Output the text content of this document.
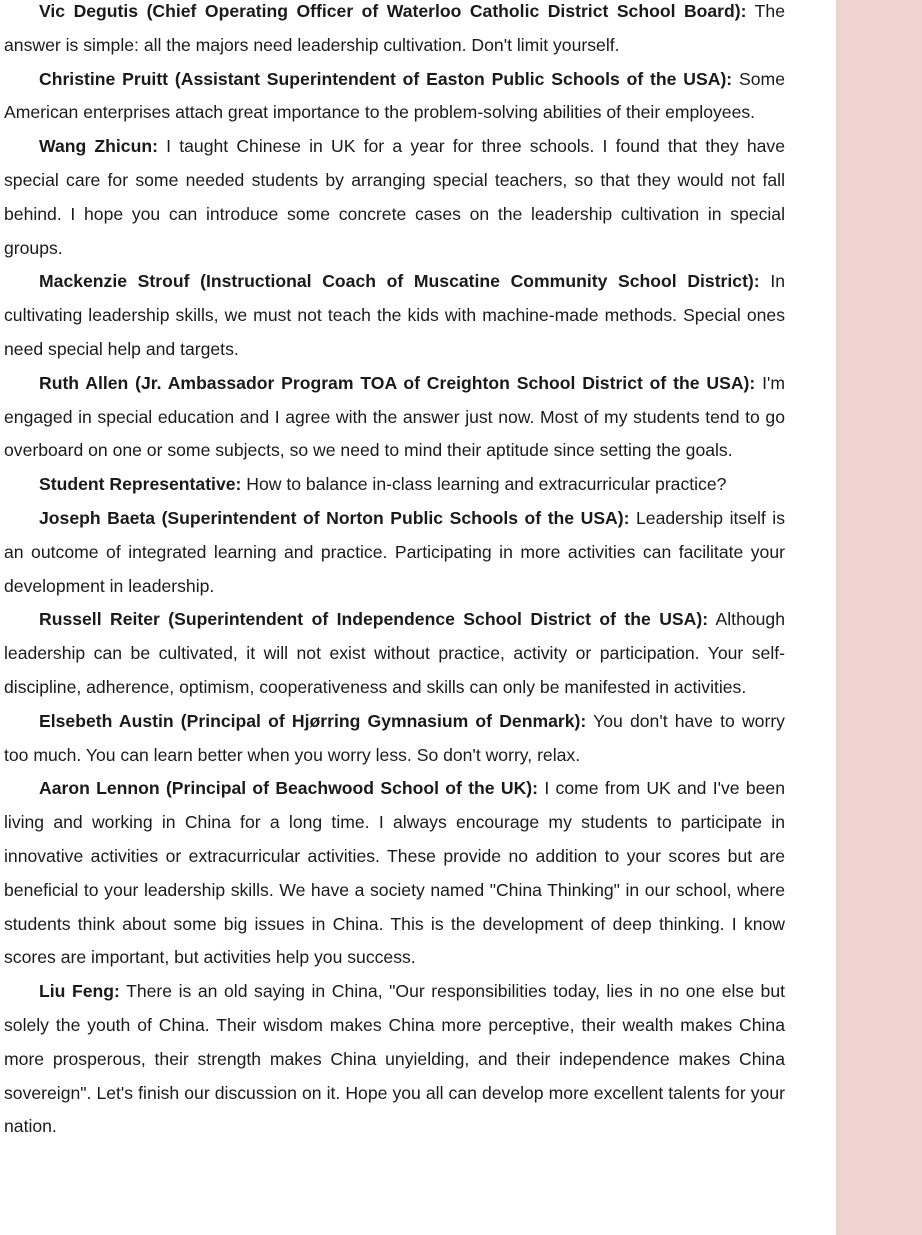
Vic Degutis (Chief Operating Officer of Waterloo Catholic District School Board): The answer is simple: all the majors need leadership cultivation. Don't limit yourself.

Christine Pruitt (Assistant Superintendent of Easton Public Schools of the USA): Some American enterprises attach great importance to the problem-solving abilities of their employees.

Wang Zhicun: I taught Chinese in UK for a year for three schools. I found that they have special care for some needed students by arranging special teachers, so that they would not fall behind. I hope you can introduce some concrete cases on the leadership cultivation in special groups.

Mackenzie Strouf (Instructional Coach of Muscatine Community School District): In cultivating leadership skills, we must not teach the kids with machine-made methods. Special ones need special help and targets.

Ruth Allen (Jr. Ambassador Program TOA of Creighton School District of the USA): I'm engaged in special education and I agree with the answer just now. Most of my students tend to go overboard on one or some subjects, so we need to mind their aptitude since setting the goals.

Student Representative: How to balance in-class learning and extracurricular practice?

Joseph Baeta (Superintendent of Norton Public Schools of the USA): Leadership itself is an outcome of integrated learning and practice. Participating in more activities can facilitate your development in leadership.

Russell Reiter (Superintendent of Independence School District of the USA): Although leadership can be cultivated, it will not exist without practice, activity or participation. Your self-discipline, adherence, optimism, cooperativeness and skills can only be manifested in activities.

Elsebeth Austin (Principal of Hjørring Gymnasium of Denmark): You don't have to worry too much. You can learn better when you worry less. So don't worry, relax.

Aaron Lennon (Principal of Beachwood School of the UK): I come from UK and I've been living and working in China for a long time. I always encourage my students to participate in innovative activities or extracurricular activities. These provide no addition to your scores but are beneficial to your leadership skills. We have a society named "China Thinking" in our school, where students think about some big issues in China. This is the development of deep thinking. I know scores are important, but activities help you success.

Liu Feng: There is an old saying in China, "Our responsibilities today, lies in no one else but solely the youth of China. Their wisdom makes China more perceptive, their wealth makes China more prosperous, their strength makes China unyielding, and their independence makes China sovereign". Let's finish our discussion on it. Hope you all can develop more excellent talents for your nation.
